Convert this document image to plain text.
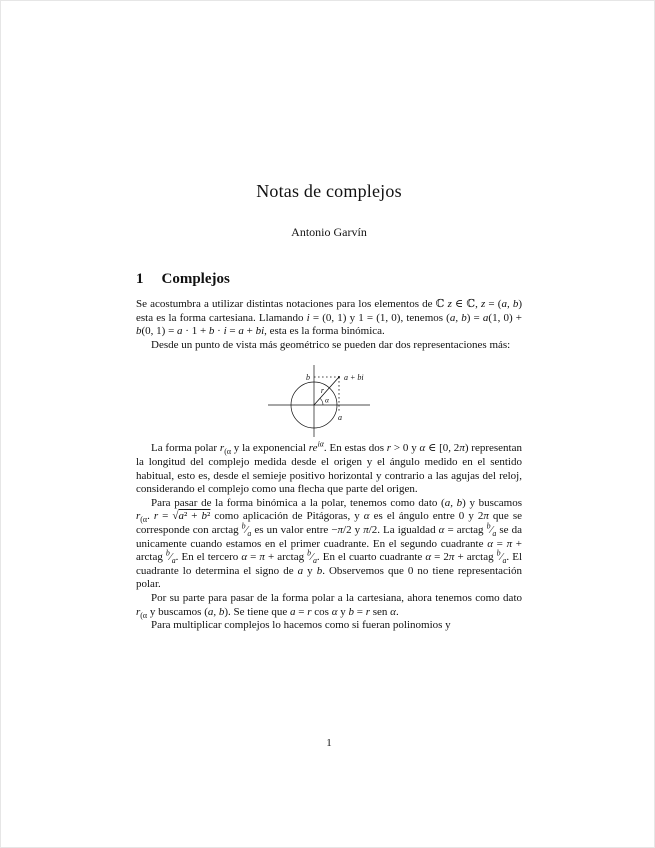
Notas de complejos
Antonio Garvín
1 Complejos

Se acostumbra a utilizar distintas notaciones para los elementos de ℂ z ∈ ℂ, z = (a, b) esta es la forma cartesiana. Llamando i = (0, 1) y 1 = (1, 0), tenemos (a, b) = a(1, 0) + b(0, 1) = a · 1 + b · i = a + bi, esta es la forma binómica.

Desde un punto de vista más geométrico se pueden dar dos representaciones más:

b	a + bi
r
α
a

La forma polar $r_{(\alpha}$ y la exponencial $re^{i\alpha}$. En estas dos r > 0 y α ∈ [0, 2π) representan la longitud del complejo medida desde el origen y el ángulo medido en el sentido habitual, esto es, desde el semieje positivo horizontal y contrario a las agujas del reloj, considerando el complejo como una flecha que parte del origen.

Para pasar de la forma binómica a la polar, tenemos como dato (a, b) y buscamos $r_{(\alpha}$. r = √a² + b² como aplicación de Pitágoras, y α es el ángulo entre 0 y 2π que se corresponde con arctag $^b⁄_a$ es un valor entre −π/2 y π/2. La igualdad α = arctag $^b⁄_a$ se da unicamente cuando estamos en el primer cuadrante. En el segundo cuadrante α = π + arctag $^b⁄_a$. En el tercero α = π + arctag $^b⁄_a$. En el cuarto cuadrante α = 2π + arctag $^b⁄_a$. El cuadrante lo determina el signo de a y b. Observemos que 0 no tiene representación polar.

Por su parte para pasar de la forma polar a la cartesiana, ahora tenemos como dato $r_{(\alpha}$ y buscamos (a, b). Se tiene que a = r cos α y b = r sen α.

Para multiplicar complejos lo hacemos como si fueran polinomios y

1
